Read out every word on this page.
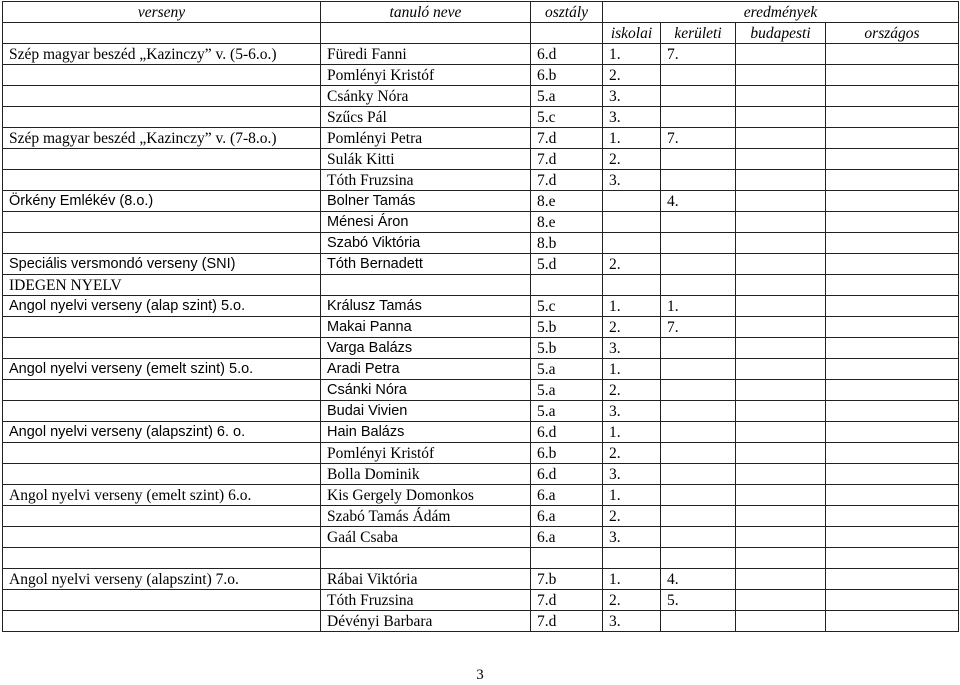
verseny	tanuló neve	osztály	eredmények			
			iskolai	kerületi	budapesti	országos
Szép magyar beszéd „Kazinczy” v. (5-6.o.)	Füredi Fanni	6.d	1.	7.		
	Pomlényi Kristóf	6.b	2.			
	Csánky Nóra	5.a	3.			
	Szűcs Pál	5.c	3.			
Szép magyar beszéd „Kazinczy” v. (7-8.o.)	Pomlényi Petra	7.d	1.	7.		
	Sulák Kitti	7.d	2.			
	Tóth Fruzsina	7.d	3.			
Örkény Emlékév (8.o.)	Bolner Tamás	8.e		4.		
	Ménesi Áron	8.e				
	Szabó Viktória	8.b				
Speciális versmondó verseny (SNI)	Tóth Bernadett	5.d	2.			
IDEGEN NYELV						
Angol nyelvi verseny (alap szint) 5.o.	Králusz Tamás	5.c	1.	1.		
	Makai Panna	5.b	2.	7.		
	Varga Balázs	5.b	3.			
Angol nyelvi verseny (emelt szint) 5.o.	Aradi Petra	5.a	1.			
	Csánki Nóra	5.a	2.			
	Budai Vivien	5.a	3.			
Angol nyelvi verseny (alapszint) 6. o.	Hain Balázs	6.d	1.			
	Pomlényi Kristóf	6.b	2.			
	Bolla Dominik	6.d	3.			
Angol nyelvi verseny (emelt szint) 6.o.	Kis Gergely Domonkos	6.a	1.			
	Szabó Tamás Ádám	6.a	2.			
	Gaál Csaba	6.a	3.			

Angol nyelvi verseny (alapszint) 7.o.	Rábai Viktória	7.b	1.	4.		
	Tóth Fruzsina	7.d	2.	5.		
	Dévényi Barbara	7.d	3.			
3
